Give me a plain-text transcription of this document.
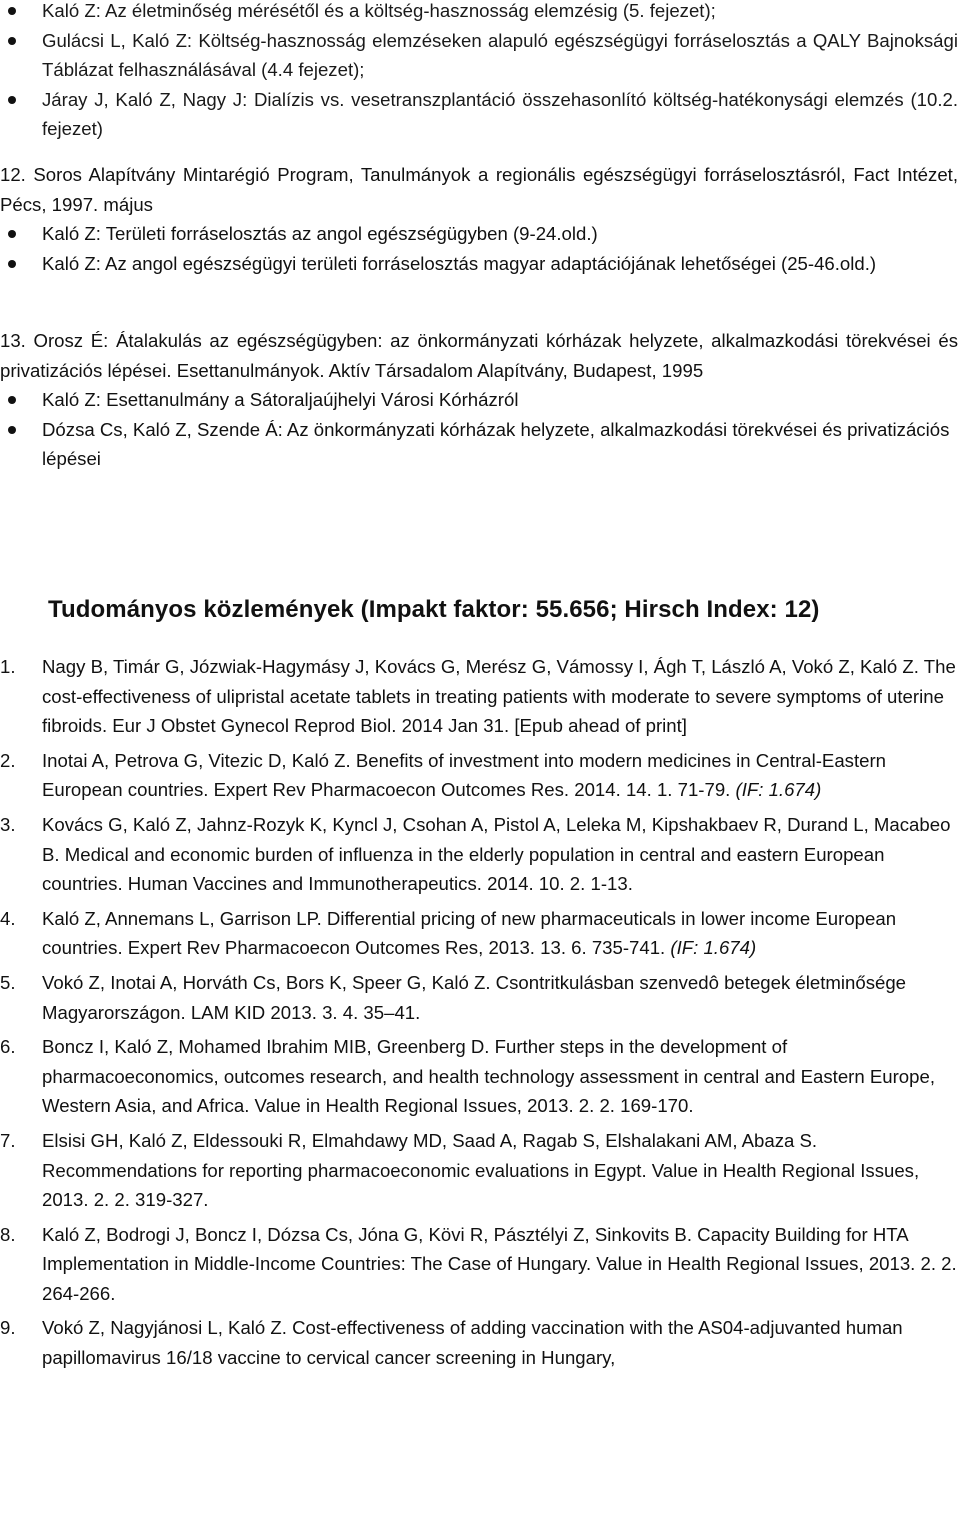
Kaló Z: Az életminőség mérésétől és a költség-hasznosság elemzésig (5. fejezet);
Gulácsi L, Kaló Z: Költség-hasznosság elemzéseken alapuló egészségügyi forráselosztás a QALY Bajnoksági Táblázat felhasználásával (4.4 fejezet);
Járay J, Kaló Z, Nagy J: Dialízis vs. vesetranszplantáció összehasonlító költség-hatékonysági elemzés (10.2. fejezet)
12. Soros Alapítvány Mintarégió Program, Tanulmányok a regionális egészségügyi forráselosztásról, Fact Intézet, Pécs, 1997. május
Kaló Z: Területi forráselosztás az angol egészségügyben (9-24.old.)
Kaló Z: Az angol egészségügyi területi forráselosztás magyar adaptációjának lehetőségei (25-46.old.)
13. Orosz É: Átalakulás az egészségügyben: az önkormányzati kórházak helyzete, alkalmazkodási törekvései és privatizációs lépései. Esettanulmányok. Aktív Társadalom Alapítvány, Budapest, 1995
Kaló Z: Esettanulmány a Sátoraljaújhelyi Városi Kórházról
Dózsa Cs, Kaló Z, Szende Á: Az önkormányzati kórházak helyzete, alkalmazkodási törekvései és privatizációs lépései
Tudományos közlemények (Impakt faktor: 55.656; Hirsch Index: 12)
1. Nagy B, Timár G, Józwiak-Hagymásy J, Kovács G, Merész G, Vámossy I, Ágh T, László A, Vokó Z, Kaló Z. The cost-effectiveness of ulipristal acetate tablets in treating patients with moderate to severe symptoms of uterine fibroids. Eur J Obstet Gynecol Reprod Biol. 2014 Jan 31. [Epub ahead of print]
2. Inotai A, Petrova G, Vitezic D, Kaló Z. Benefits of investment into modern medicines in Central-Eastern European countries. Expert Rev Pharmacoecon Outcomes Res. 2014. 14. 1. 71-79. (IF: 1.674)
3. Kovács G, Kaló Z, Jahnz-Rozyk K, Kyncl J, Csohan A, Pistol A, Leleka M, Kipshakbaev R, Durand L, Macabeo B. Medical and economic burden of influenza in the elderly population in central and eastern European countries. Human Vaccines and Immunotherapeutics. 2014. 10. 2. 1-13.
4. Kaló Z, Annemans L, Garrison LP. Differential pricing of new pharmaceuticals in lower income European countries. Expert Rev Pharmacoecon Outcomes Res, 2013. 13. 6. 735-741. (IF: 1.674)
5. Vokó Z, Inotai A, Horváth Cs, Bors K, Speer G, Kaló Z. Csontritkulásban szenvedô betegek életminősége Magyarországon. LAM KID 2013. 3. 4. 35–41.
6. Boncz I, Kaló Z, Mohamed Ibrahim MIB, Greenberg D. Further steps in the development of pharmacoeconomics, outcomes research, and health technology assessment in central and Eastern Europe, Western Asia, and Africa. Value in Health Regional Issues, 2013. 2. 2. 169-170.
7. Elsisi GH, Kaló Z, Eldessouki R, Elmahdawy MD, Saad A, Ragab S, Elshalakani AM, Abaza S. Recommendations for reporting pharmacoeconomic evaluations in Egypt. Value in Health Regional Issues, 2013. 2. 2. 319-327.
8. Kaló Z, Bodrogi J, Boncz I, Dózsa Cs, Jóna G, Kövi R, Pásztélyi Z, Sinkovits B. Capacity Building for HTA Implementation in Middle-Income Countries: The Case of Hungary. Value in Health Regional Issues, 2013. 2. 2. 264-266.
9. Vokó Z, Nagyjánosi L, Kaló Z. Cost-effectiveness of adding vaccination with the AS04-adjuvanted human papillomavirus 16/18 vaccine to cervical cancer screening in Hungary,
